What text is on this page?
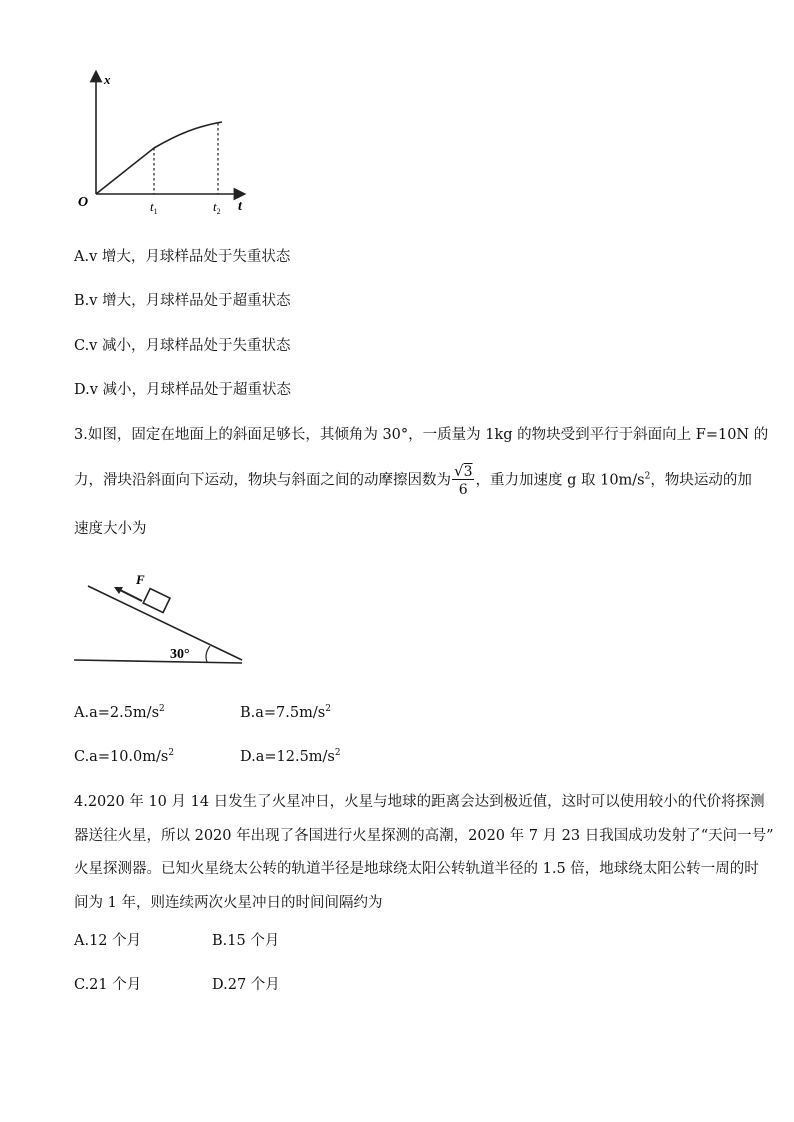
x
O	t
$t_1$	$t_2$
A.v 增大，月球样品处于失重状态
B.v 增大，月球样品处于超重状态
C.v 减小，月球样品处于失重状态
D.v 减小，月球样品处于超重状态
3.如图，固定在地面上的斜面足够长，其倾角为 30°，一质量为 1kg 的物块受到平行于斜面向上 F=10N 的
力，滑块沿斜面向下运动，物块与斜面之间的动摩擦因数为 $\frac{√3}{6}$ ，重力加速度 g 取 $10m/s^2$，物块运动的加
速度大小为
F
30°
$A.a=2.5m/s^2$	$B.a=7.5m/s^2$
$C.a=10.0m/s^2$	$D.a=12.5m/s^2$
4.2020 年 10 月 14 日发生了火星冲日，火星与地球的距离会达到极近值，这时可以使用较小的代价将探测
器送往火星，所以 2020 年出现了各国进行火星探测的高潮，2020 年 7 月 23 日我国成功发射了“天问一号”
火星探测器。已知火星绕太公转的轨道半径是地球绕太阳公转轨道半径的 1.5 倍，地球绕太阳公转一周的时
间为 1 年，则连续两次火星冲日的时间间隔约为
A.12 个月	B.15 个月
C.21 个月	D.27 个月
